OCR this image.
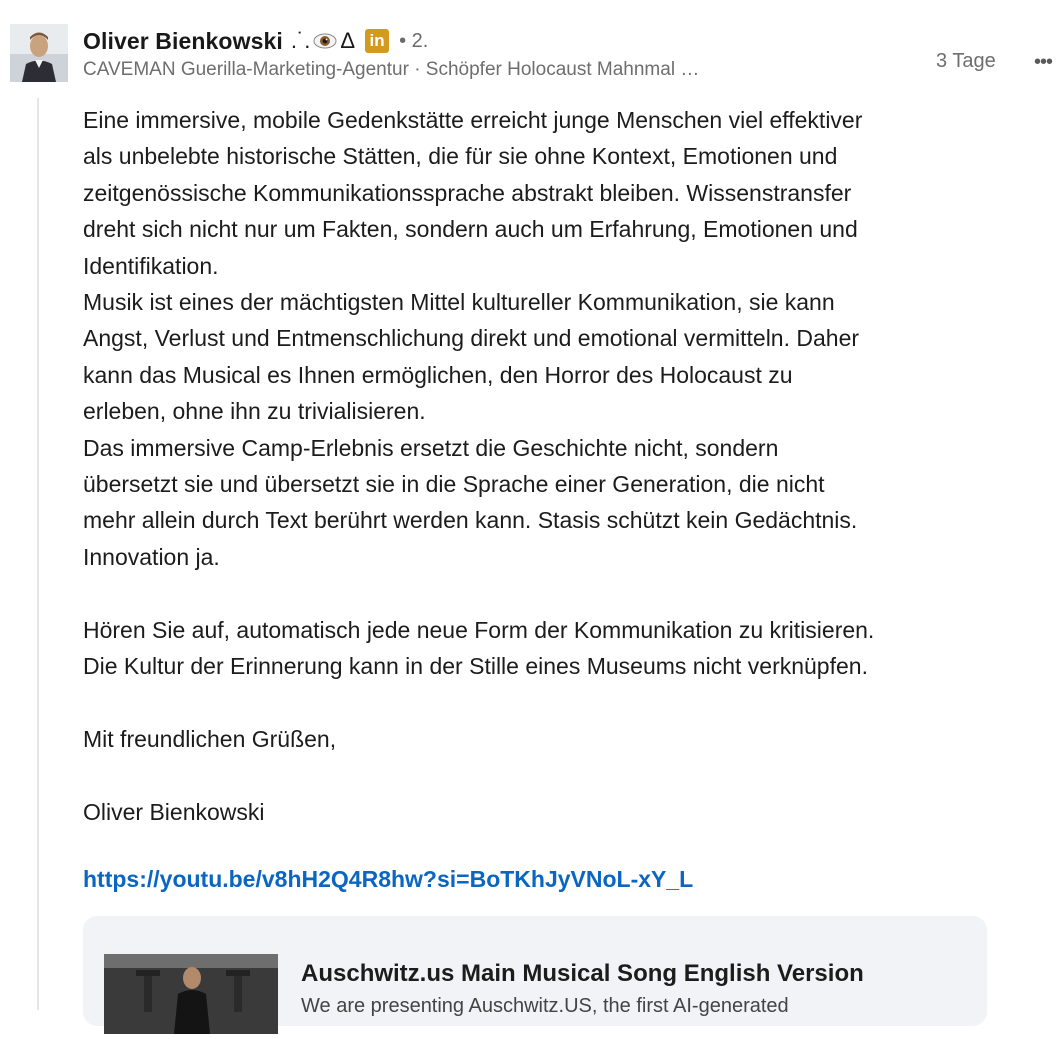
Oliver Bienkowski .˙. Δ in • 2.
CAVEMAN Guerilla-Marketing-Agentur · Schöpfer Holocaust Mahnmal …	3 Tage •••

Eine immersive, mobile Gedenkstätte erreicht junge Menschen viel effektiver
als unbelebte historische Stätten, die für sie ohne Kontext, Emotionen und
zeitgenössische Kommunikationssprache abstrakt bleiben. Wissenstransfer
dreht sich nicht nur um Fakten, sondern auch um Erfahrung, Emotionen und
Identifikation.

Musik ist eines der mächtigsten Mittel kultureller Kommunikation, sie kann
Angst, Verlust und Entmenschlichung direkt und emotional vermitteln. Daher
kann das Musical es Ihnen ermöglichen, den Horror des Holocaust zu
erleben, ohne ihn zu trivialisieren.

Das immersive Camp-Erlebnis ersetzt die Geschichte nicht, sondern
übersetzt sie und übersetzt sie in die Sprache einer Generation, die nicht
mehr allein durch Text berührt werden kann. Stasis schützt kein Gedächtnis.
Innovation ja.

Hören Sie auf, automatisch jede neue Form der Kommunikation zu kritisieren.
Die Kultur der Erinnerung kann in der Stille eines Museums nicht verknüpfen.

Mit freundlichen Grüßen,

Oliver Bienkowski

https://youtu.be/v8hH2Q4R8hw?si=BoTKhJyVNoL-xY_L
Auschwitz.us Main Musical Song English Version
We are presenting Auschwitz.US, the first AI-generated
